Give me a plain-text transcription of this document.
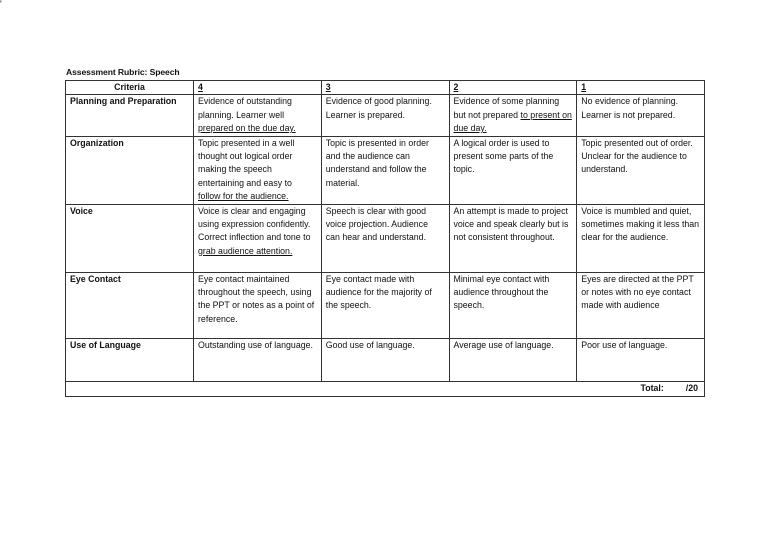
'
Assessment Rubric: Speech
Criteria	4	3	2	1
Planning and Preparation	Evidence of outstanding planning. Learner well prepared on the due day.	Evidence of good planning. Learner is prepared.	Evidence of some planning but not prepared to present on due day.	No evidence of planning. Learner is not prepared.
Organization	Topic presented in a well thought out logical order making the speech entertaining and easy to follow for the audience.	Topic is presented in order and the audience can understand and follow the material.	A logical order is used to present some parts of the topic.	Topic presented out of order. Unclear for the audience to understand.
Voice	Voice is clear and engaging using expression confidently. Correct inflection and tone to grab audience attention.	Speech is clear with good voice projection. Audience can hear and understand.	An attempt is made to project voice and speak clearly but is not consistent throughout.	Voice is mumbled and quiet, sometimes making it less than clear for the audience.
Eye Contact	Eye contact maintained throughout the speech, using the PPT or notes as a point of reference.	Eye contact made with audience for the majority of the speech.	Minimal eye contact with audience throughout the speech.	Eyes are directed at the PPT or notes with no eye contact made with audience
Use of Language	Outstanding use of language.	Good use of language.	Average use of language.	Poor use of language.
Total: /20				
